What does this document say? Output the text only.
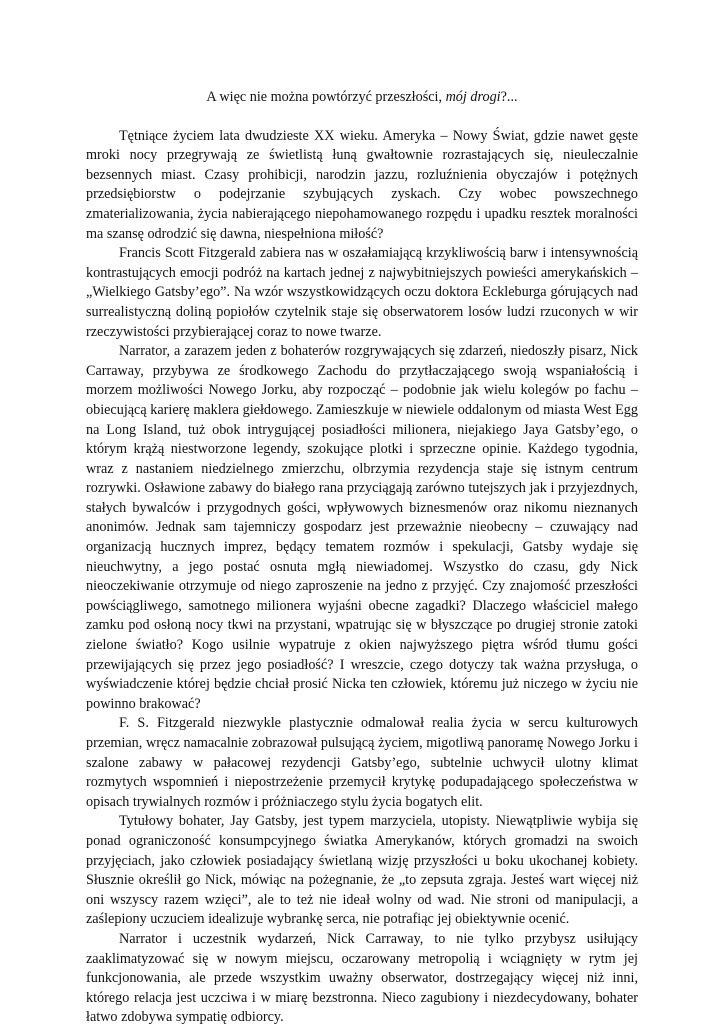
A więc nie można powtórzyć przeszłości, mój drogi?...

Tętniące życiem lata dwudzieste XX wieku. Ameryka – Nowy Świat, gdzie nawet gęste mroki nocy przegrywają ze świetlistą łuną gwałtownie rozrastających się, nieuleczalnie bezsennych miast. Czasy prohibicji, narodzin jazzu, rozluźnienia obyczajów i potężnych przedsiębiorstw o podejrzanie szybujących zyskach. Czy wobec powszechnego zmaterializowania, życia nabierającego niepohamowanego rozpędu i upadku resztek moralności ma szansę odrodzić się dawna, niespełniona miłość?

Francis Scott Fitzgerald zabiera nas w oszałamiającą krzykliwością barw i intensywnością kontrastujących emocji podróż na kartach jednej z najwybitniejszych powieści amerykańskich – „Wielkiego Gatsby’ego”. Na wzór wszystkowidzących oczu doktora Eckleburga górujących nad surrealistyczną doliną popiołów czytelnik staje się obserwatorem losów ludzi rzuconych w wir rzeczywistości przybierającej coraz to nowe twarze.

Narrator, a zarazem jeden z bohaterów rozgrywających się zdarzeń, niedoszły pisarz, Nick Carraway, przybywa ze środkowego Zachodu do przytłaczającego swoją wspaniałością i morzem możliwości Nowego Jorku, aby rozpocząć – podobnie jak wielu kolegów po fachu – obiecującą karierę maklera giełdowego. Zamieszkuje w niewiele oddalonym od miasta West Egg na Long Island, tuż obok intrygującej posiadłości milionera, niejakiego Jaya Gatsby’ego, o którym krążą niestworzone legendy, szokujące plotki i sprzeczne opinie. Każdego tygodnia, wraz z nastaniem niedzielnego zmierzchu, olbrzymia rezydencja staje się istnym centrum rozrywki. Osławione zabawy do białego rana przyciągają zarówno tutejszych jak i przyjezdnych, stałych bywalców i przygodnych gości, wpływowych biznesmenów oraz nikomu nieznanych anonimów. Jednak sam tajemniczy gospodarz jest przeważnie nieobecny – czuwający nad organizacją hucznych imprez, będący tematem rozmów i spekulacji, Gatsby wydaje się nieuchwytny, a jego postać osnuta mgłą niewiadomej. Wszystko do czasu, gdy Nick nieoczekiwanie otrzymuje od niego zaproszenie na jedno z przyjęć. Czy znajomość przeszłości powściągliwego, samotnego milionera wyjaśni obecne zagadki? Dlaczego właściciel małego zamku pod osłoną nocy tkwi na przystani, wpatrując się w błyszczące po drugiej stronie zatoki zielone światło? Kogo usilnie wypatruje z okien najwyższego piętra wśród tłumu gości przewijających się przez jego posiadłość? I wreszcie, czego dotyczy tak ważna przysługa, o wyświadczenie której będzie chciał prosić Nicka ten człowiek, któremu już niczego w życiu nie powinno brakować?

F. S. Fitzgerald niezwykle plastycznie odmalował realia życia w sercu kulturowych przemian, wręcz namacalnie zobrazował pulsującą życiem, migotliwą panoramę Nowego Jorku i szalone zabawy w pałacowej rezydencji Gatsby’ego, subtelnie uchwycił ulotny klimat rozmytych wspomnień i niepostrzeżenie przemycił krytykę podupadającego społeczeństwa w opisach trywialnych rozmów i próżniaczego stylu życia bogatych elit.

Tytułowy bohater, Jay Gatsby, jest typem marzyciela, utopisty. Niewątpliwie wybija się ponad ograniczoność konsumpcyjnego światka Amerykanów, których gromadzi na swoich przyjęciach, jako człowiek posiadający świetlaną wizję przyszłości u boku ukochanej kobiety. Słusznie określił go Nick, mówiąc na pożegnanie, że „to zepsuta zgraja. Jesteś wart więcej niż oni wszyscy razem wzięci”, ale to też nie ideał wolny od wad. Nie stroni od manipulacji, a zaślepiony uczuciem idealizuje wybrankę serca, nie potrafiąc jej obiektywnie ocenić.

Narrator i uczestnik wydarzeń, Nick Carraway, to nie tylko przybysz usiłujący zaaklimatyzować się w nowym miejscu, oczarowany metropolią i wciągnięty w rytm jej funkcjonowania, ale przede wszystkim uważny obserwator, dostrzegający więcej niż inni, którego relacja jest uczciwa i w miarę bezstronna. Nieco zagubiony i niezdecydowany, bohater łatwo zdobywa sympatię odbiorcy.
